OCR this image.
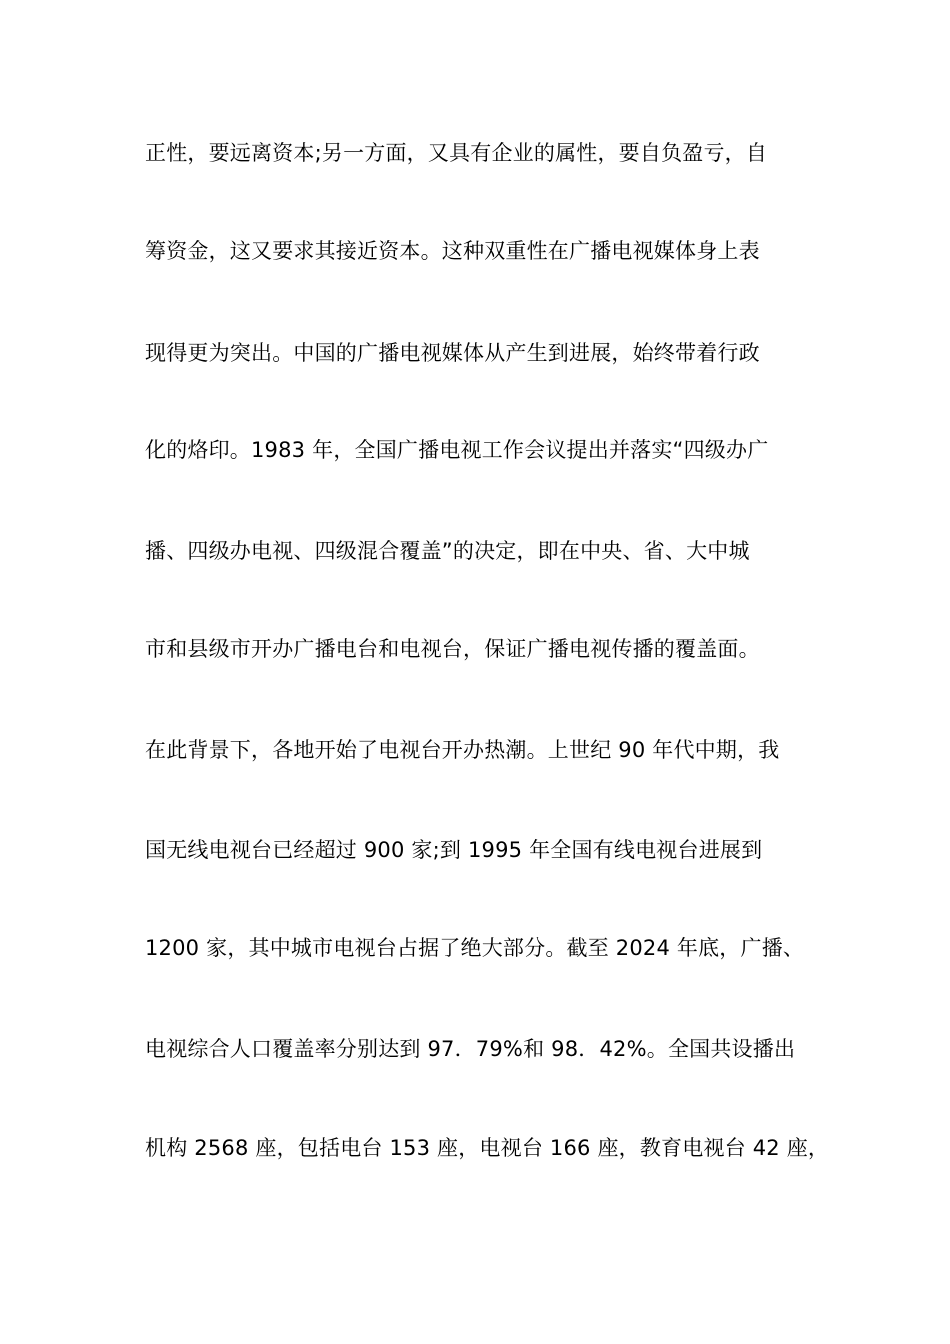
正性，要远离资本;另一方面，又具有企业的属性，要自负盈亏，自
筹资金，这又要求其接近资本。这种双重性在广播电视媒体身上表
现得更为突出。中国的广播电视媒体从产生到进展，始终带着行政
化的烙印。1983 年，全国广播电视工作会议提出并落实“四级办广
播、四级办电视、四级混合覆盖”的决定，即在中央、省、大中城
市和县级市开办广播电台和电视台，保证广播电视传播的覆盖面。
在此背景下，各地开始了电视台开办热潮。上世纪 90 年代中期，我
国无线电视台已经超过 900 家;到 1995 年全国有线电视台进展到
1200 家，其中城市电视台占据了绝大部分。截至 2024 年底，广播、
电视综合人口覆盖率分别达到 97．79%和 98．42%。全国共设播出
机构 2568 座，包括电台 153 座，电视台 166 座，教育电视台 42 座，
